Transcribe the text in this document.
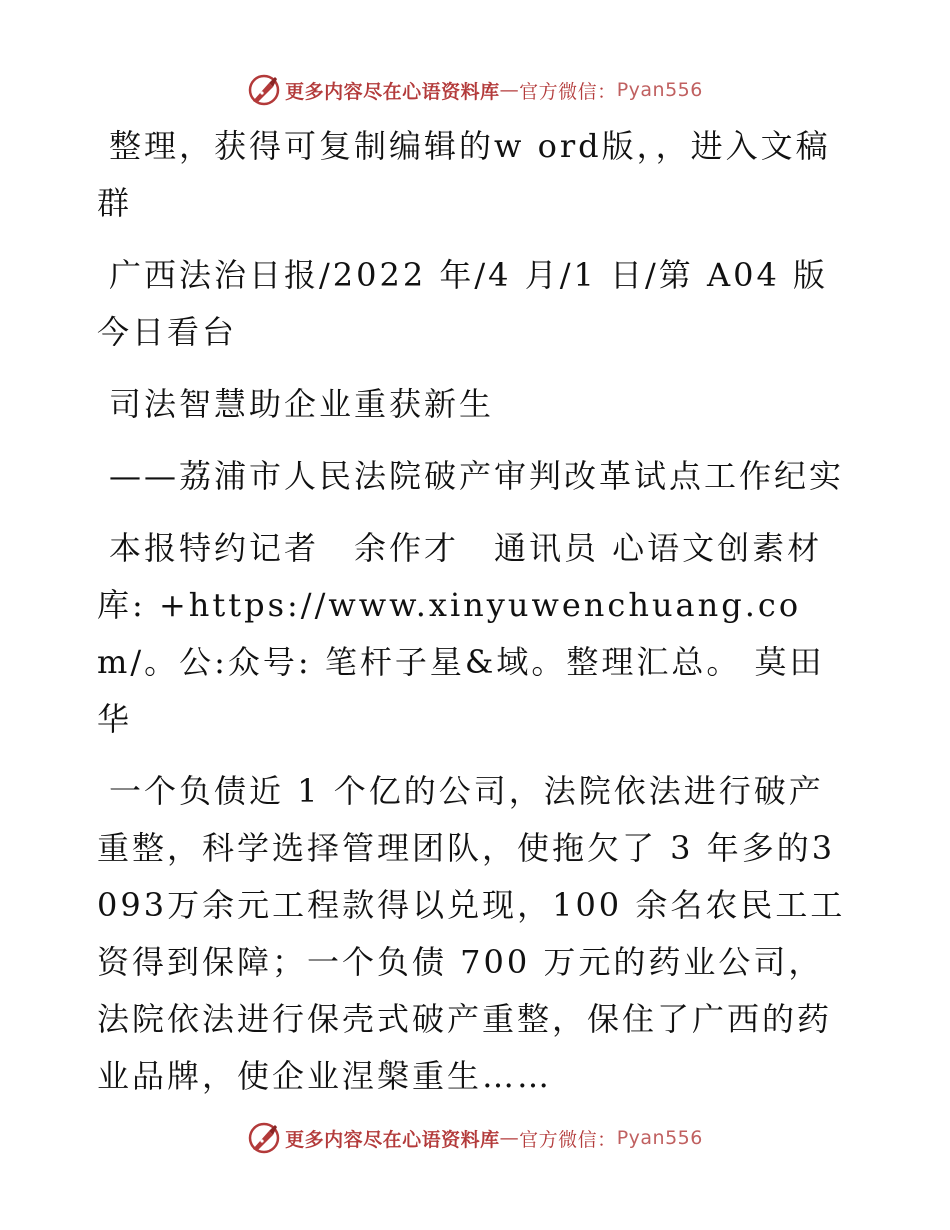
更多内容尽在心语资料库 — 官方微信： Pyan556

整理，获得可复制编辑的w ord版，，进入文稿群

广西法治日报/2022 年/4 月/1 日/第 A04 版今日看台

司法智慧助企业重获新生

——荔浦市人民法院破产审判改革试点工作纪实

本报特约记者　余作才　通讯员 心语文创素材库: +https://www.xinyuwenchuang.com/。公:众号: 笔杆子星&域。整理汇总。 莫田华

一个负债近 1 个亿的公司，法院依法进行破产重整，科学选择管理团队，使拖欠了 3 年多的3093万余元工程款得以兑现，100 余名农民工工资得到保障；一个负债 700 万元的药业公司，法院依法进行保壳式破产重整，保住了广西的药业品牌，使企业涅槃重生……

更多内容尽在心语资料库 — 官方微信： Pyan556
